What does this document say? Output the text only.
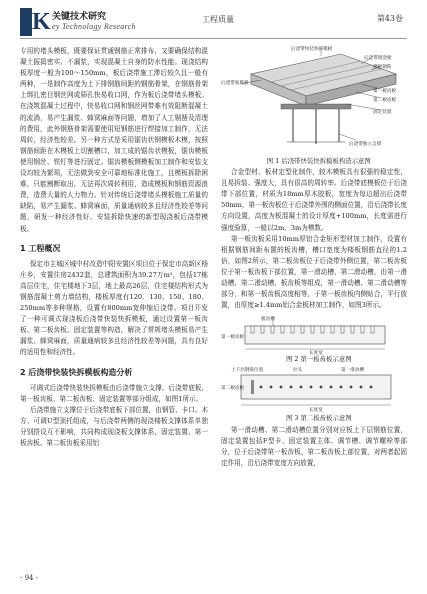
K 关键技术研究
ey Technology Research
工程质量	第43卷

专用的堵头模板，既要保证贯通钢筋正常排布，又要确保结构混凝土振捣密实、不漏浆，实现混凝土自身的防水性能。现浇结构板厚度一般为100～150mm，板后浇带施工滞后较久且一般有两种，一是制作高度为上下排钢筋间距的钢筋骨架，在钢筋骨架上绑扎密目钢丝网或筛孔快易收口网，作为板后浇带堵头模板。在浇筑混凝土过程中，快易收口网和钢丝网带难有效阻断混凝土的流淌，易产生漏浆、蜂窝麻面等问题，增加了人工剔凿及清理的费用，此外钢筋骨架需要使用短钢筋进行焊接加工制作，无法周转，经济性较差。另一种方式是采用锯齿状钢模板木模，按照钢筋间距在木模板上切割槽口，加工成的锯齿状模板，锯齿模板使用钢丝、铁钉等进行固定。锯齿模板侧模板加工制作和安装支设均较为繁琐，无法做到安全可靠地标准化施工，且模板拆除困难，只能割断取出，无法再次周转利用，造成模板和钢筋资源浪费，造费大量的人力物力。针对传统后浇带堵头模板施工质量的缺陷，易产生漏浆、蜂窝麻面，质量通病较多且经济性较差等问题，研发一种经济性好、安装拆除快速的新型现浇板后浇带模板。

1 工程概况

保定市主城区城中村改造中阳安置区项目位于保定市高新区杨庄乡，安置住房2432套，总建筑面积为39.27万m²，包括17栋高层住宅，住宅楼地下3层，地上最高26层，住宅楼结构形式为钢筋混凝土剪力墙结构，楼板厚度有120、130、150、180、250mm等多种规格，设置有800mm宽伸缩后浇带。项目开发了一种可调式现浇板后浇带快装快拆模板，通过设置第一板齿板、第二板齿板、固定装置等构造，解决了常规堵头模板易产生漏浆、蜂窝麻面，质量通病较多且经济性较差等问题，具有良好的适用性和经济性。

2 后浇带快装快拆模板构造分析

可调式后浇带快装快拆模板由后浇带施立支撑、后浇带底板、第一板齿板、第二板齿板、固定装置等部分组成，如图1所示。

后浇带施立支撑位于后浇带底板下部位置，由钢管、卡口、木方、可调U型顶托组成，与后浇带两侧的现浇楼板支撑体系单独分别搭设互不影响，共同构成现浇板支撑体系，固定装置、第一板齿板、第二板齿板采用铝

后浇带快装快拆模板
后浇带现浇板
楼板钢筋
第一板齿板
第二板齿板
固定装置
后浇带底模板
后浇带独立支撑

图 1 后浇带快装快拆模板构造示意图

合金型材、板材定型化制作，较木模板具有很强的稳定性，且易拆装、强度大，具有很高的周转率。后浇带底模板位于后浇带下部位置，材质为18mm厚木胶板，宽度为每边超出后浇带50mm，第一板齿板位于后浇带外围的侧面位置，沿后浇带长度方向设置，高度为板混凝土的设计厚度+100mm，长度需进行强度验算，一般以2m、3m为模数。

第一板齿板采用10mm厚铝合金矩形型材加工制作，设置有根据钢筋间距布置的板齿槽，槽口宽度为楼板钢筋直径的1.2倍，如图2所示，第二板齿板位于后浇带外侧位置，第二板齿板位于第一板齿板下部位置，第一滑动槽、第二滑动槽，由第一滑动槽、第二滑动槽、板齿板等组成，第一滑动槽、第二滑动槽等部分，和第一板齿板高度相等，于第一板齿板内侧贴合，平行放置，由厚度≥1.4mm铝合金板材加工制作，如图3所示。

板齿槽
第一板齿板
长度宽

图 2 第一板齿板示意图

上下层钢筋位置	拉头	第一滑动槽
第二板齿板
长度宽

图 3 第二板齿板示意图

第一滑动槽、第二滑动槽位置分别对应板上下层钢筋位置，固定装置包括F型卡、固定装置主体、调节槽、调节螺栓等部分，位于后浇带第一板齿板、第二板齿板上部位置，对两者起固定作用，沿后浇带宽度方向放置，

- 94 -
